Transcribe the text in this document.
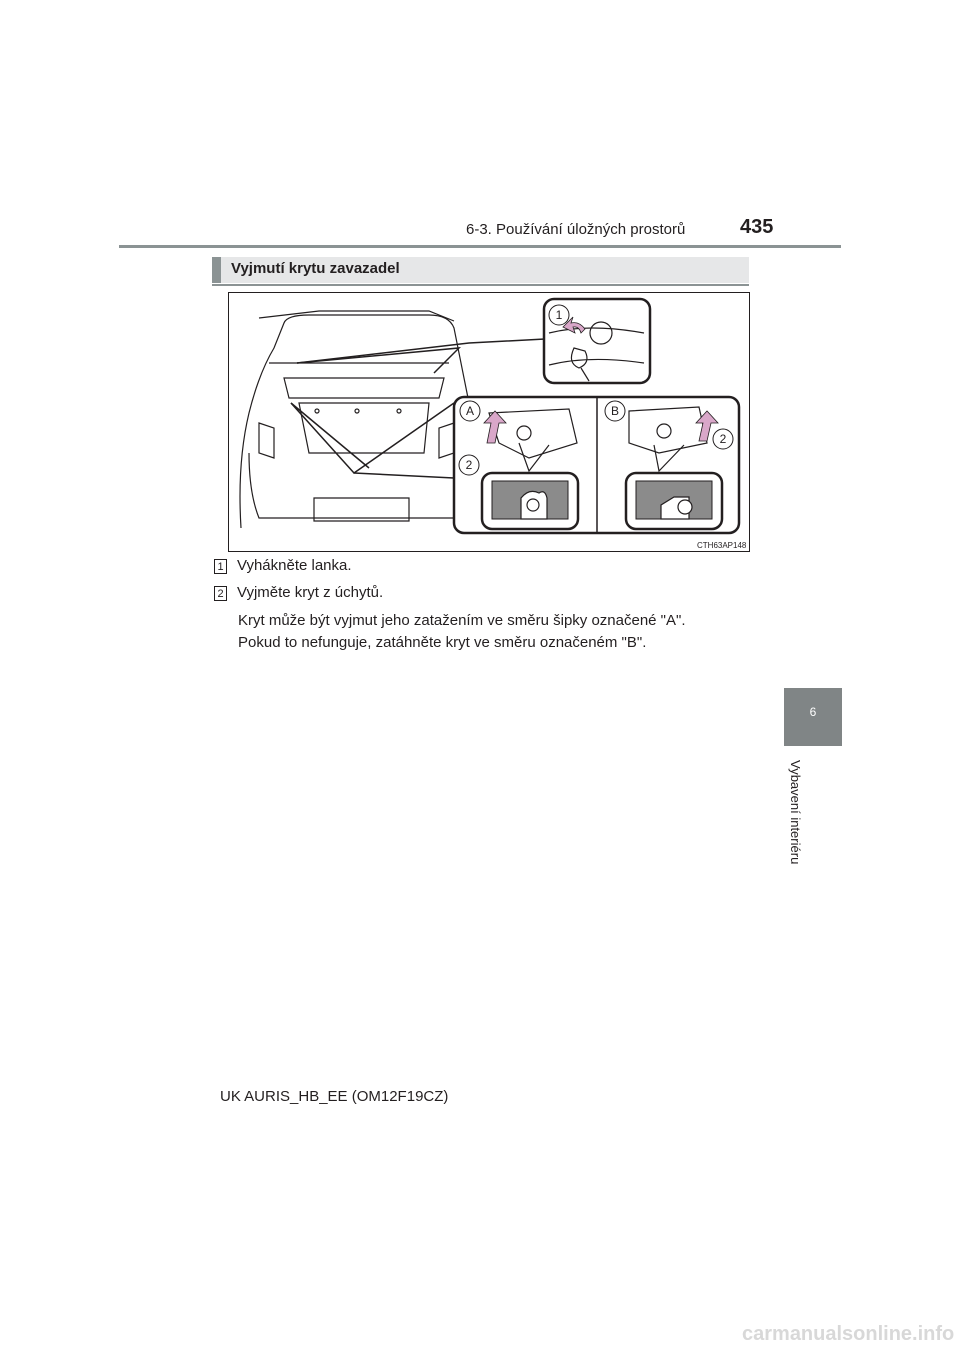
6-3. Používání úložných prostorů	435
Vyjmutí krytu zavazadel
1
A	B
2
2
CTH63AP148
1 Vyhákněte lanka.
2 Vyjměte kryt z úchytů.
Kryt může být vyjmut jeho zatažením ve směru šipky označené "A".
Pokud to nefunguje, zatáhněte kryt ve směru označeném "B".
6
Vybavení interiéru
UK AURIS_HB_EE (OM12F19CZ)
carmanualsonline.info
